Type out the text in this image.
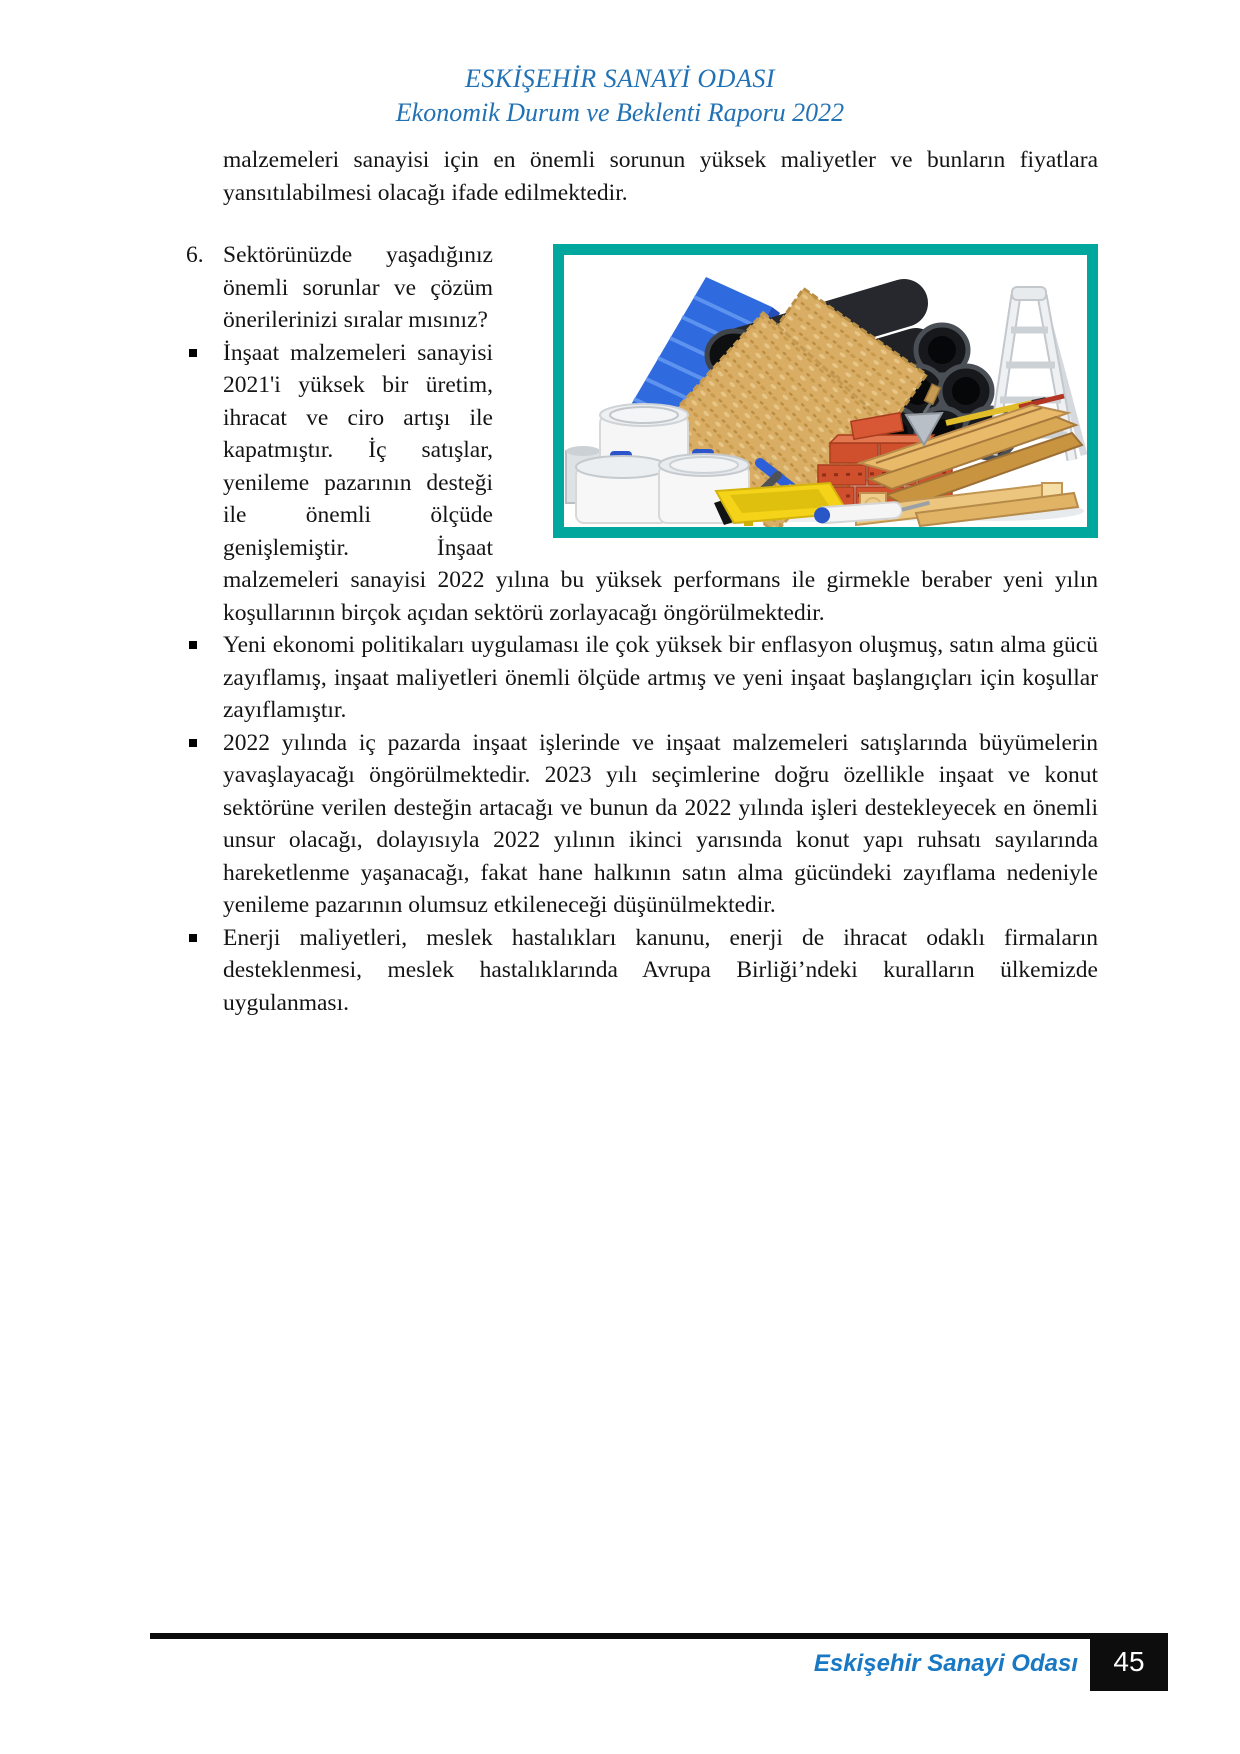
ESKİŞEHİR SANAYİ ODASI
Ekonomik Durum ve Beklenti Raporu 2022

malzemeleri sanayisi için en önemli sorunun yüksek maliyetler ve bunların fiyatlara yansıtılabilmesi olacağı ifade edilmektedir.

6. Sektörünüzde yaşadığınız önemli sorunlar ve çözüm önerilerinizi sıralar mısınız?
İnşaat malzemeleri sanayisi 2021'i yüksek bir üretim, ihracat ve ciro artışı ile kapatmıştır. İç satışlar, yenileme pazarının desteği ile önemli ölçüde genişlemiştir. İnşaat malzemeleri sanayisi 2022 yılına bu yüksek performans ile girmekle beraber yeni yılın koşullarının birçok açıdan sektörü zorlayacağı öngörülmektedir.
Yeni ekonomi politikaları uygulaması ile çok yüksek bir enflasyon oluşmuş, satın alma gücü zayıflamış, inşaat maliyetleri önemli ölçüde artmış ve yeni inşaat başlangıçları için koşullar zayıflamıştır.
2022 yılında iç pazarda inşaat işlerinde ve inşaat malzemeleri satışlarında büyümelerin yavaşlayacağı öngörülmektedir. 2023 yılı seçimlerine doğru özellikle inşaat ve konut sektörüne verilen desteğin artacağı ve bunun da 2022 yılında işleri destekleyecek en önemli unsur olacağı, dolayısıyla 2022 yılının ikinci yarısında konut yapı ruhsatı sayılarında hareketlenme yaşanacağı, fakat hane halkının satın alma gücündeki zayıflama nedeniyle yenileme pazarının olumsuz etkileneceği düşünülmektedir.
Enerji maliyetleri, meslek hastalıkları kanunu, enerji de ihracat odaklı firmaların desteklenmesi, meslek hastalıklarında Avrupa Birliği’ndeki kuralların ülkemizde uygulanması.
Eskişehir Sanayi Odası	45
